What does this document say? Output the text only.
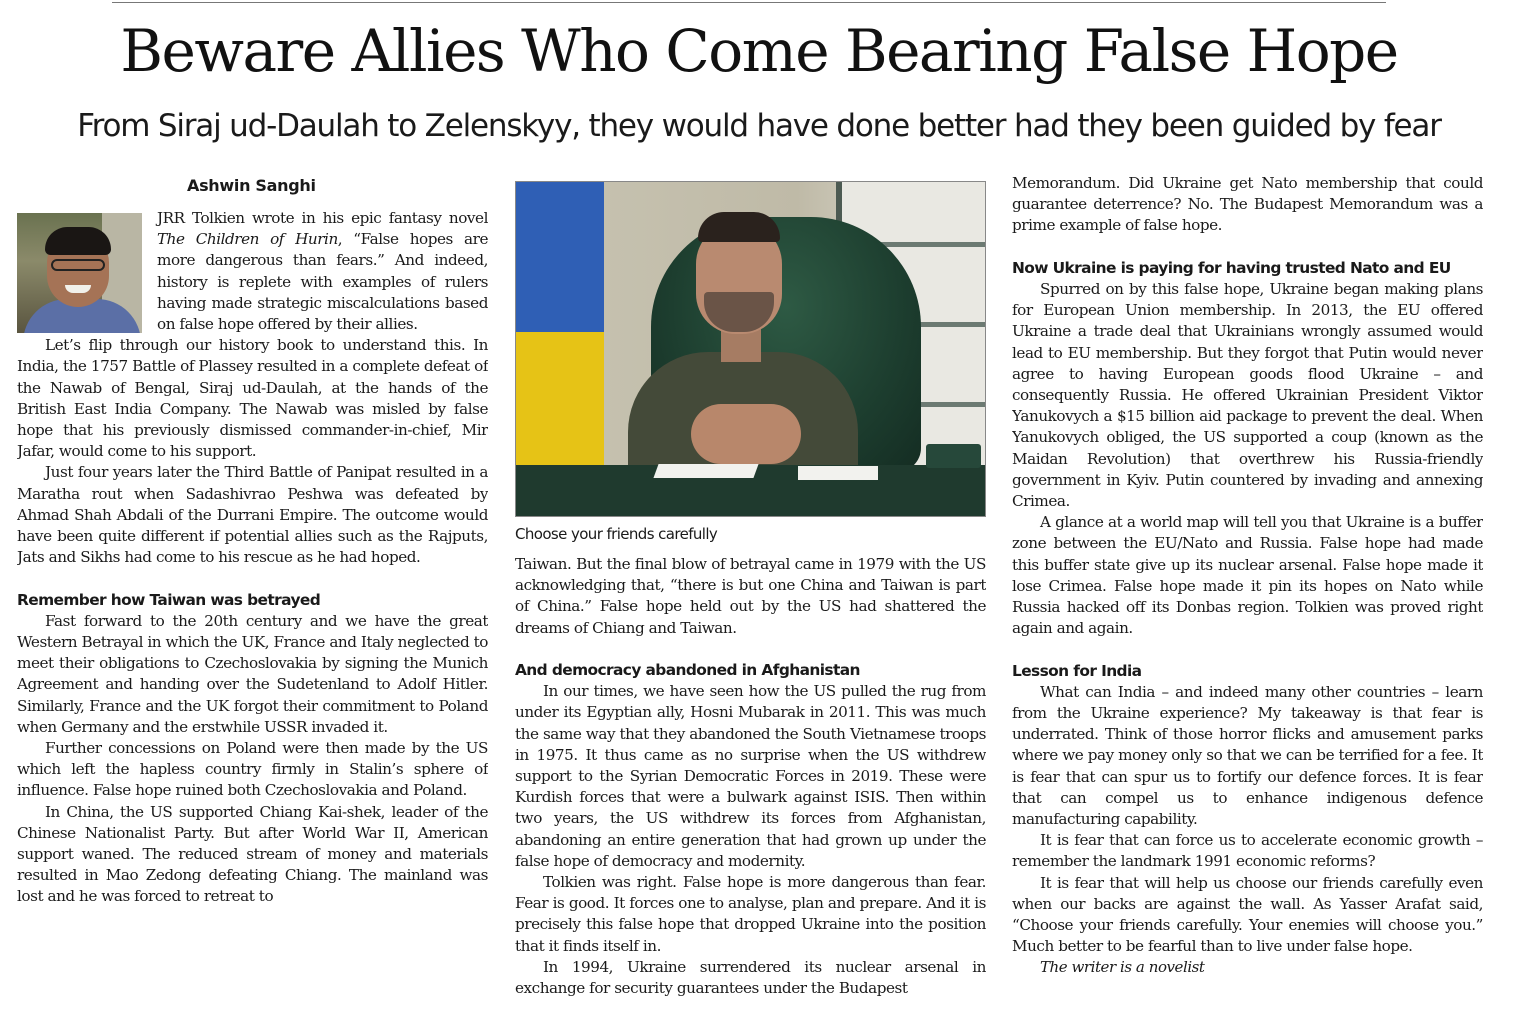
Beware Allies Who Come Bearing False Hope
From Siraj ud-Daulah to Zelenskyy, they would have done better had they been guided by fear
Ashwin Sanghi

JRR Tolkien wrote in his epic fantasy novel The Children of Hurin, “False hopes are more dangerous than fears.” And indeed, history is replete with examples of rulers having made strategic miscalculations based on false hope offered by their allies.

Let’s flip through our history book to understand this. In India, the 1757 Battle of Plassey resulted in a complete defeat of the Nawab of Bengal, Siraj ud-Daulah, at the hands of the British East India Company. The Nawab was misled by false hope that his previously dismissed commander-in-chief, Mir Jafar, would come to his support.

Just four years later the Third Battle of Panipat resulted in a Maratha rout when Sadashivrao Peshwa was defeated by Ahmad Shah Abdali of the Durrani Empire. The outcome would have been quite different if potential allies such as the Rajputs, Jats and Sikhs had come to his rescue as he had hoped.

Remember how Taiwan was betrayed

Fast forward to the 20th century and we have the great Western Betrayal in which the UK, France and Italy neglected to meet their obligations to Czechoslovakia by signing the Munich Agreement and handing over the Sudetenland to Adolf Hitler. Similarly, France and the UK forgot their commitment to Poland when Germany and the erstwhile USSR invaded it.

Further concessions on Poland were then made by the US which left the hapless country firmly in Stalin’s sphere of influence. False hope ruined both Czechoslovakia and Poland.

In China, the US supported Chiang Kai-shek, leader of the Chinese Nationalist Party. But after World War II, American support waned. The reduced stream of money and materials resulted in Mao Zedong defeating Chiang. The mainland was lost and he was forced to retreat to

Choose your friends carefully

Taiwan. But the final blow of betrayal came in 1979 with the US acknowledging that, “there is but one China and Taiwan is part of China.” False hope held out by the US had shattered the dreams of Chiang and Taiwan.

And democracy abandoned in Afghanistan

In our times, we have seen how the US pulled the rug from under its Egyptian ally, Hosni Mubarak in 2011. This was much the same way that they abandoned the South Vietnamese troops in 1975. It thus came as no surprise when the US withdrew support to the Syrian Democratic Forces in 2019. These were Kurdish forces that were a bulwark against ISIS. Then within two years, the US withdrew its forces from Afghanistan, abandoning an entire generation that had grown up under the false hope of democracy and modernity.

Tolkien was right. False hope is more dangerous than fear. Fear is good. It forces one to analyse, plan and prepare. And it is precisely this false hope that dropped Ukraine into the position that it finds itself in.

In 1994, Ukraine surrendered its nuclear arsenal in exchange for security guarantees under the Budapest

Memorandum. Did Ukraine get Nato membership that could guarantee deterrence? No. The Budapest Memorandum was a prime example of false hope.

Now Ukraine is paying for having trusted Nato and EU

Spurred on by this false hope, Ukraine began making plans for European Union membership. In 2013, the EU offered Ukraine a trade deal that Ukrainians wrongly assumed would lead to EU membership. But they forgot that Putin would never agree to having European goods flood Ukraine – and consequently Russia. He offered Ukrainian President Viktor Yanukovych a $15 billion aid package to prevent the deal. When Yanukovych obliged, the US supported a coup (known as the Maidan Revolution) that overthrew his Russia-friendly government in Kyiv. Putin countered by invading and annexing Crimea.

A glance at a world map will tell you that Ukraine is a buffer zone between the EU/Nato and Russia. False hope had made this buffer state give up its nuclear arsenal. False hope made it lose Crimea. False hope made it pin its hopes on Nato while Russia hacked off its Donbas region. Tolkien was proved right again and again.

Lesson for India

What can India – and indeed many other countries – learn from the Ukraine experience? My takeaway is that fear is underrated. Think of those horror flicks and amusement parks where we pay money only so that we can be terrified for a fee. It is fear that can spur us to fortify our defence forces. It is fear that can compel us to enhance indigenous defence manufacturing capability.

It is fear that can force us to accelerate economic growth – remember the landmark 1991 economic reforms?

It is fear that will help us choose our friends carefully even when our backs are against the wall. As Yasser Arafat said, “Choose your friends carefully. Your enemies will choose you.” Much better to be fearful than to live under false hope.

The writer is a novelist
